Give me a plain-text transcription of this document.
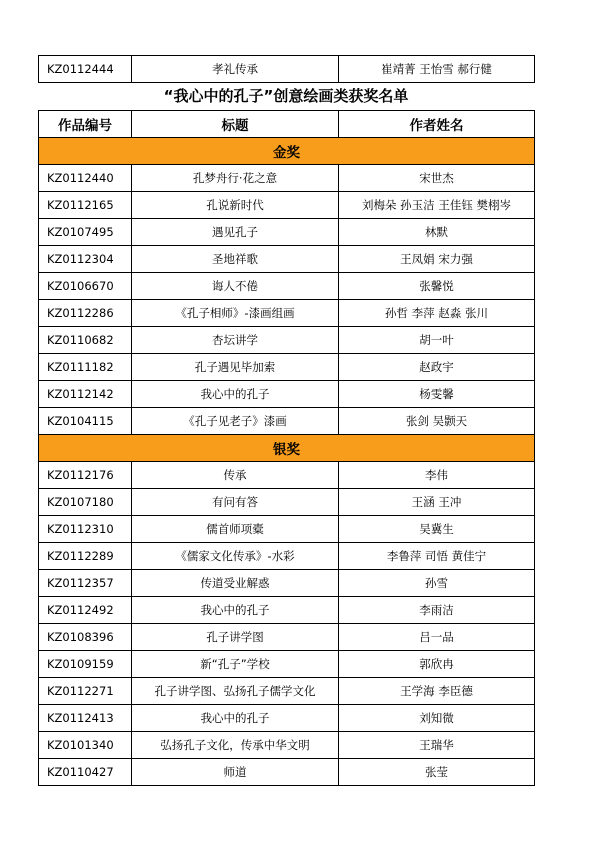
KZ0112444	孝礼传承	崔靖菁 王怡雪 郝行健
“我心中的孔子”创意绘画类获奖名单
作品编号	标题	作者姓名
金奖		
KZ0112440	孔梦舟行·花之意	宋世杰
KZ0112165	孔说新时代	刘梅朵 孙玉洁 王佳钰 樊栩岑
KZ0107495	遇见孔子	林默
KZ0112304	圣地祥歌	王凤娟 宋力强
KZ0106670	诲人不倦	张馨悦
KZ0112286	《孔子相师》-漆画组画	孙哲 李萍 赵淼 张川
KZ0110682	杏坛讲学	胡一叶
KZ0111182	孔子遇见毕加索	赵政宇
KZ0112142	我心中的孔子	杨雯馨
KZ0104115	《孔子见老子》漆画	张剑 吴颢天
银奖		
KZ0112176	传承	李伟
KZ0107180	有问有答	王涵 王冲
KZ0112310	儒首师项橐	吴冀生
KZ0112289	《儒家文化传承》-水彩	李鲁萍 司悟 黄佳宁
KZ0112357	传道受业解惑	孙雪
KZ0112492	我心中的孔子	李雨洁
KZ0108396	孔子讲学图	吕一品
KZ0109159	新“孔子”学校	郭欣冉
KZ0112271	孔子讲学图、弘扬孔子儒学文化	王学海 李臣德
KZ0112413	我心中的孔子	刘知微
KZ0101340	弘扬孔子文化，传承中华文明	王瑞华
KZ0110427	师道	张莹
